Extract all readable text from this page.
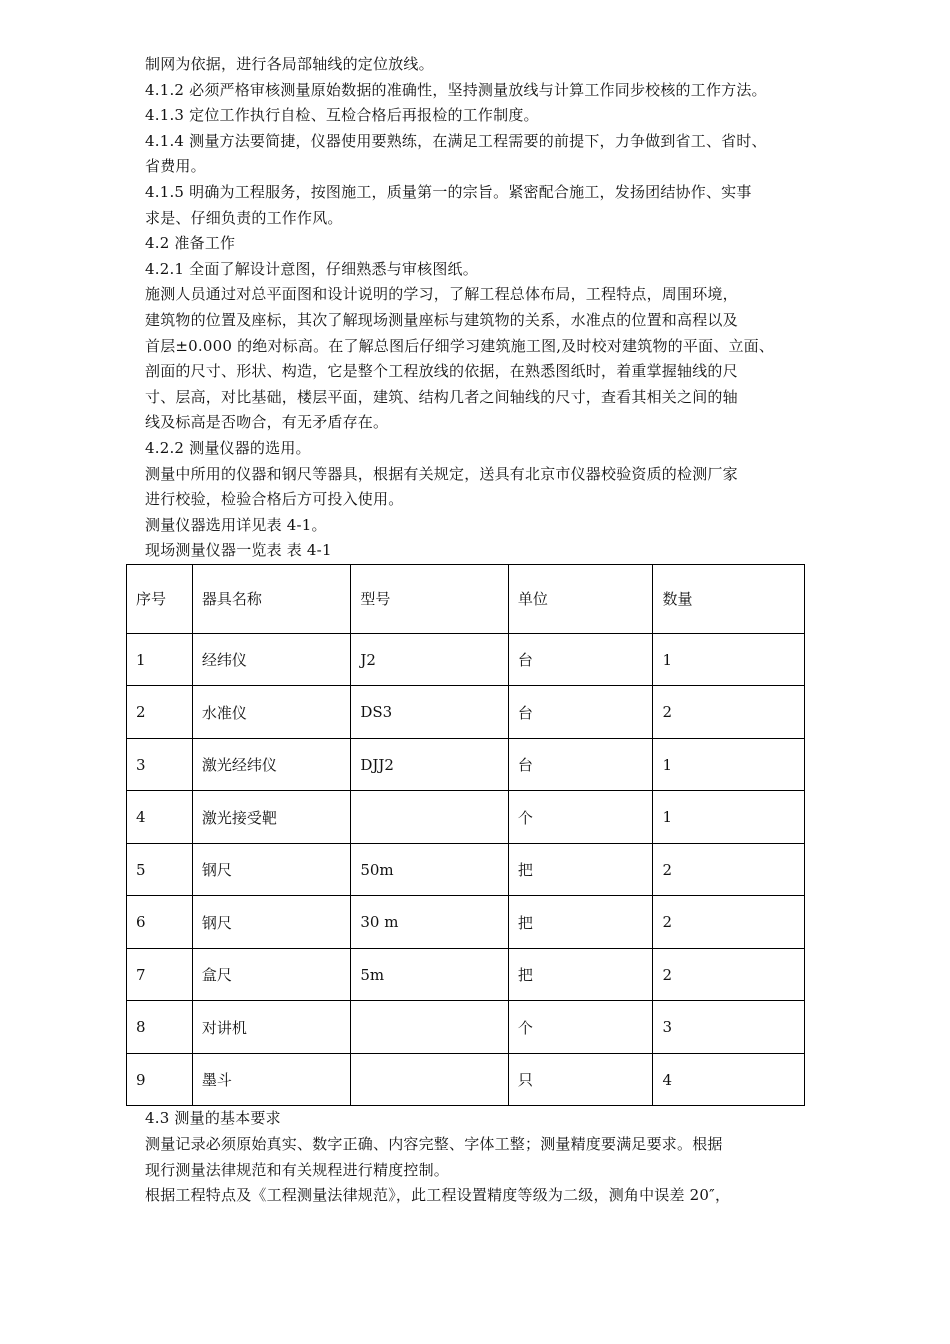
制网为依据，进行各局部轴线的定位放线。
4.1.2 必须严格审核测量原始数据的准确性，坚持测量放线与计算工作同步校核的工作方法。
4.1.3 定位工作执行自检、互检合格后再报检的工作制度。
4.1.4 测量方法要简捷，仪器使用要熟练，在满足工程需要的前提下，力争做到省工、省时、
省费用。
4.1.5 明确为工程服务，按图施工，质量第一的宗旨。紧密配合施工，发扬团结协作、实事
求是、仔细负责的工作作风。
4.2 准备工作
4.2.1 全面了解设计意图，仔细熟悉与审核图纸。
施测人员通过对总平面图和设计说明的学习，了解工程总体布局，工程特点，周围环境，
建筑物的位置及座标，其次了解现场测量座标与建筑物的关系，水准点的位置和高程以及
首层±0.000 的绝对标高。在了解总图后仔细学习建筑施工图,及时校对建筑物的平面、立面、
剖面的尺寸、形状、构造，它是整个工程放线的依据，在熟悉图纸时，着重掌握轴线的尺
寸、层高，对比基础，楼层平面，建筑、结构几者之间轴线的尺寸，查看其相关之间的轴
线及标高是否吻合，有无矛盾存在。
4.2.2 测量仪器的选用。
测量中所用的仪器和钢尺等器具，根据有关规定，送具有北京市仪器校验资质的检测厂家
进行校验，检验合格后方可投入使用。
测量仪器选用详见表 4-1。
现场测量仪器一览表 表 4-1
序号	器具名称	型号	单位	数量
1	经纬仪	J2	台	1
2	水准仪	DS3	台	2
3	激光经纬仪	DJJ2	台	1
4	激光接受靶		个	1
5	钢尺	50m	把	2
6	钢尺	30 m	把	2
7	盒尺	5m	把	2
8	对讲机		个	3
9	墨斗		只	4
4.3 测量的基本要求
测量记录必须原始真实、数字正确、内容完整、字体工整；测量精度要满足要求。根据
现行测量法律规范和有关规程进行精度控制。
根据工程特点及《工程测量法律规范》，此工程设置精度等级为二级，测角中误差 20″，
